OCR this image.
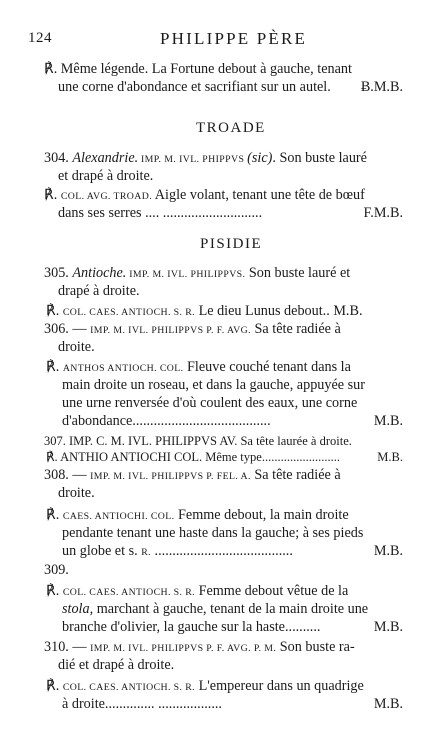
124	PHILIPPE PÈRE
℟. Même légende. La Fortune debout à gauche, tenant
une corne d'abondance et sacrifiant sur un autel. Ƀ.M.B.
TROADE
304. Alexandrie. IMP. M. IVL. PHIPPVS (sic). Son buste lauré
et drapé à droite.
℟. COL. AVG. TROAD. Aigle volant, tenant une tête de bœuf
dans ses serres .... ............................	F.M.B.
PISIDIE
305. Antioche. IMP. M. IVL. PHILIPPVS. Son buste lauré et
drapé à droite.
℟. COL. CAES. ANTIOCH. S. R. Le dieu Lunus debout.. M.B.
306. — IMP. M. IVL. PHILIPPVS P. F. AVG. Sa tête radiée à
droite.
℟. ANTHOS ANTIOCH. COL. Fleuve couché tenant dans la
main droite un roseau, et dans la gauche, appuyée sur
une urne renversée d'où coulent des eaux, une corne
d'abondance.......................................	M.B.
307. IMP. C. M. IVL. PHILIPPVS AV. Sa tête laurée à droite.
℟. ANTHIO ANTIOCHI COL. Même type.........................	M.B.
308. — IMP. M. IVL. PHILIPPVS P. FEL. A. Sa tête radiée à
droite.
℟. CAES. ANTIOCHI. COL. Femme debout, la main droite
pendante tenant une haste dans la gauche; à ses pieds
un globe et s. R. .......................................	M.B.
309.
℟. COL. CAES. ANTIOCH. S. R. Femme debout vêtue de la
stola, marchant à gauche, tenant de la main droite une
branche d'olivier, la gauche sur la haste..........	M.B.
310. — IMP. M. IVL. PHILIPPVS P. F. AVG. P. M. Son buste ra-
dié et drapé à droite.
℟. COL. CAES. ANTIOCH. S. R. L'empereur dans un quadrige
à droite.............. ..................	M.B.
